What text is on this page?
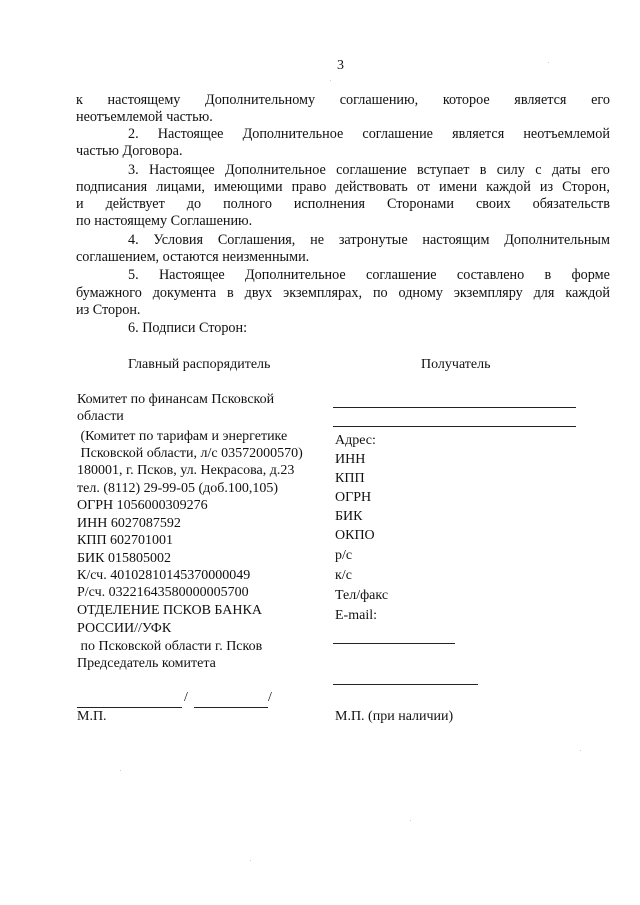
3
к настоящему Дополнительному соглашению, которое является его
неотъемлемой частью.
2. Настоящее Дополнительное соглашение является неотъемлемой
частью Договора.
3. Настоящее Дополнительное соглашение вступает в силу с даты его
подписания лицами, имеющими право действовать от имени каждой из Сторон,
и действует до полного исполнения Сторонами своих обязательств
по настоящему Соглашению.
4. Условия Соглашения, не затронутые настоящим Дополнительным
соглашением, остаются неизменными.
5. Настоящее Дополнительное соглашение составлено в форме
бумажного документа в двух экземплярах, по одному экземпляру для каждой
из Сторон.
6. Подписи Сторон:
Главный распорядитель	Получатель
Комитет по финансам Псковской
области
(Комитет по тарифам и энергетике
Псковской области, л/с 03572000570)
180001, г. Псков, ул. Некрасова, д.23
тел. (8112) 29-99-05 (доб.100,105)
ОГРН 1056000309276
ИНН 6027087592
КПП 602701001
БИК 015805002
К/сч. 40102810145370000049
Р/сч. 03221643580000005700
ОТДЕЛЕНИЕ ПСКОВ БАНКА
РОССИИ//УФК
по Псковской области г. Псков
Председатель комитета
/	/
М.П.
Адрес:
ИНН
КПП
ОГРН
БИК
ОКПО
р/с
к/с
Тел/факс
E-mail:
М.П. (при наличии)
